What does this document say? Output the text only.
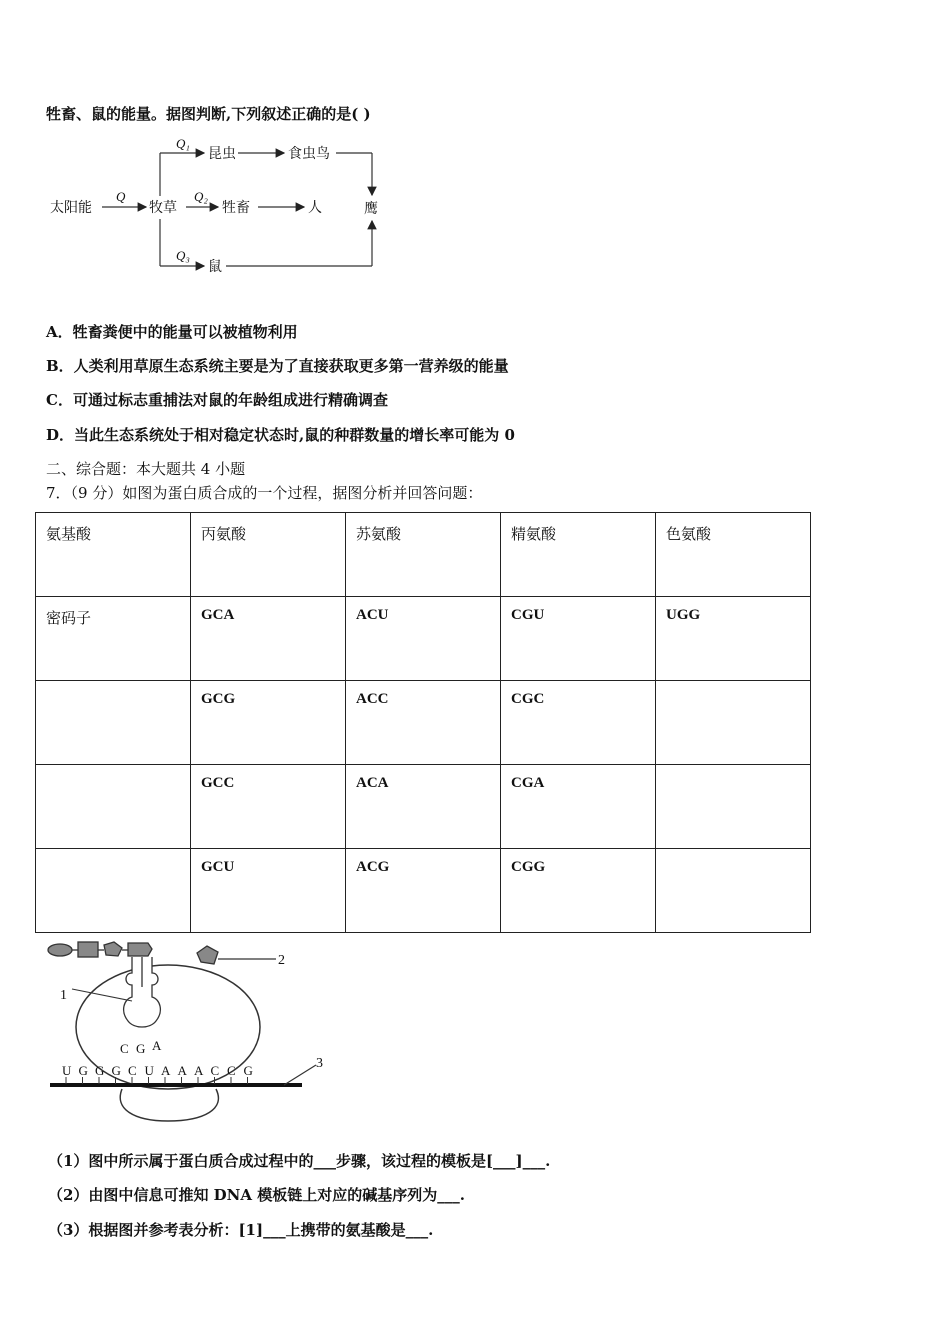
牲畜、鼠的能量。据图判断,下列叙述正确的是( )
太阳能	牧草
昆虫	食虫鸟
牲畜	人
鼠
鹰
Q
Q₁
Q₂
Q₃
A．牲畜粪便中的能量可以被植物利用
B．人类利用草原生态系统主要是为了直接获取更多第一营养级的能量
C．可通过标志重捕法对鼠的年龄组成进行精确调查
D．当此生态系统处于相对稳定状态时,鼠的种群数量的增长率可能为 0
二、综合题：本大题共 4 小题
7．（9 分）如图为蛋白质合成的一个过程，据图分析并回答问题：
氨基酸	丙氨酸	苏氨酸	精氨酸	色氨酸
密码子	GCA	ACU	CGU	UGG
	GCG	ACC	CGC	
	GCC	ACA	CGA	
	GCU	ACG	CGG	
1
2
3
C G A
U G G G C U A A A C C G
（1）图中所示属于蛋白质合成过程中的___步骤，该过程的模板是[___]___.
（2）由图中信息可推知 DNA 模板链上对应的碱基序列为___.
（3）根据图并参考表分析：[1]___上携带的氨基酸是___.
